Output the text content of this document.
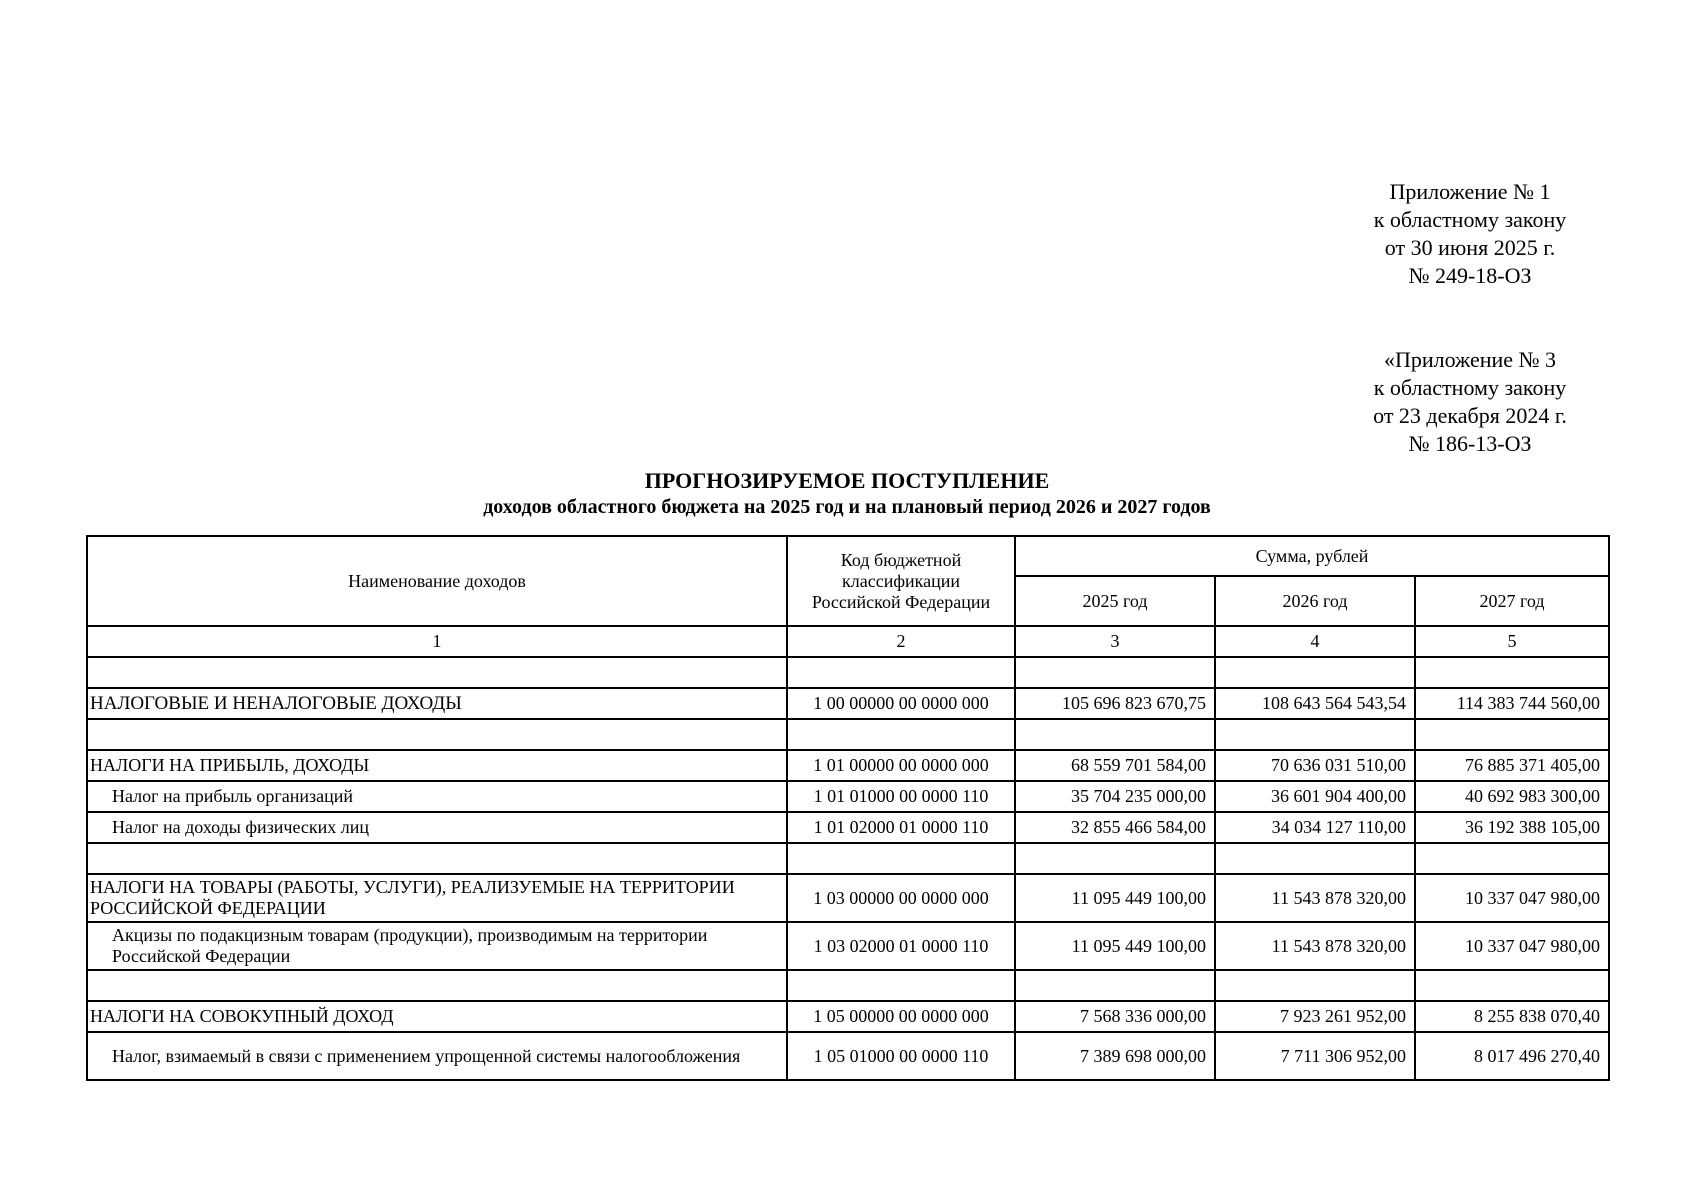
Приложение № 1
к областному закону
от 30 июня 2025 г.
№ 249-18-ОЗ
«Приложение № 3
к областному закону
от 23 декабря 2024 г.
№ 186-13-ОЗ
ПРОГНОЗИРУЕМОЕ ПОСТУПЛЕНИЕ
доходов областного бюджета на 2025 год и на плановый период 2026 и 2027 годов
Наименование доходов	Код бюджетной классификации Российской Федерации	Сумма, рублей		
		2025 год	2026 год	2027 год
1	2	3	4	5

НАЛОГОВЫЕ И НЕНАЛОГОВЫЕ ДОХОДЫ	1 00 00000 00 0000 000	105 696 823 670,75	108 643 564 543,54	114 383 744 560,00

НАЛОГИ НА ПРИБЫЛЬ, ДОХОДЫ	1 01 00000 00 0000 000	68 559 701 584,00	70 636 031 510,00	76 885 371 405,00
Налог на прибыль организаций	1 01 01000 00 0000 110	35 704 235 000,00	36 601 904 400,00	40 692 983 300,00
Налог на доходы физических лиц	1 01 02000 01 0000 110	32 855 466 584,00	34 034 127 110,00	36 192 388 105,00

НАЛОГИ НА ТОВАРЫ (РАБОТЫ, УСЛУГИ), РЕАЛИЗУЕМЫЕ НА ТЕРРИТОРИИ РОССИЙСКОЙ ФЕДЕРАЦИИ	1 03 00000 00 0000 000	11 095 449 100,00	11 543 878 320,00	10 337 047 980,00
Акцизы по подакцизным товарам (продукции), производимым на территории Российской Федерации	1 03 02000 01 0000 110	11 095 449 100,00	11 543 878 320,00	10 337 047 980,00

НАЛОГИ НА СОВОКУПНЫЙ ДОХОД	1 05 00000 00 0000 000	7 568 336 000,00	7 923 261 952,00	8 255 838 070,40
Налог, взимаемый в связи с применением упрощенной системы налогообложения	1 05 01000 00 0000 110	7 389 698 000,00	7 711 306 952,00	8 017 496 270,40
